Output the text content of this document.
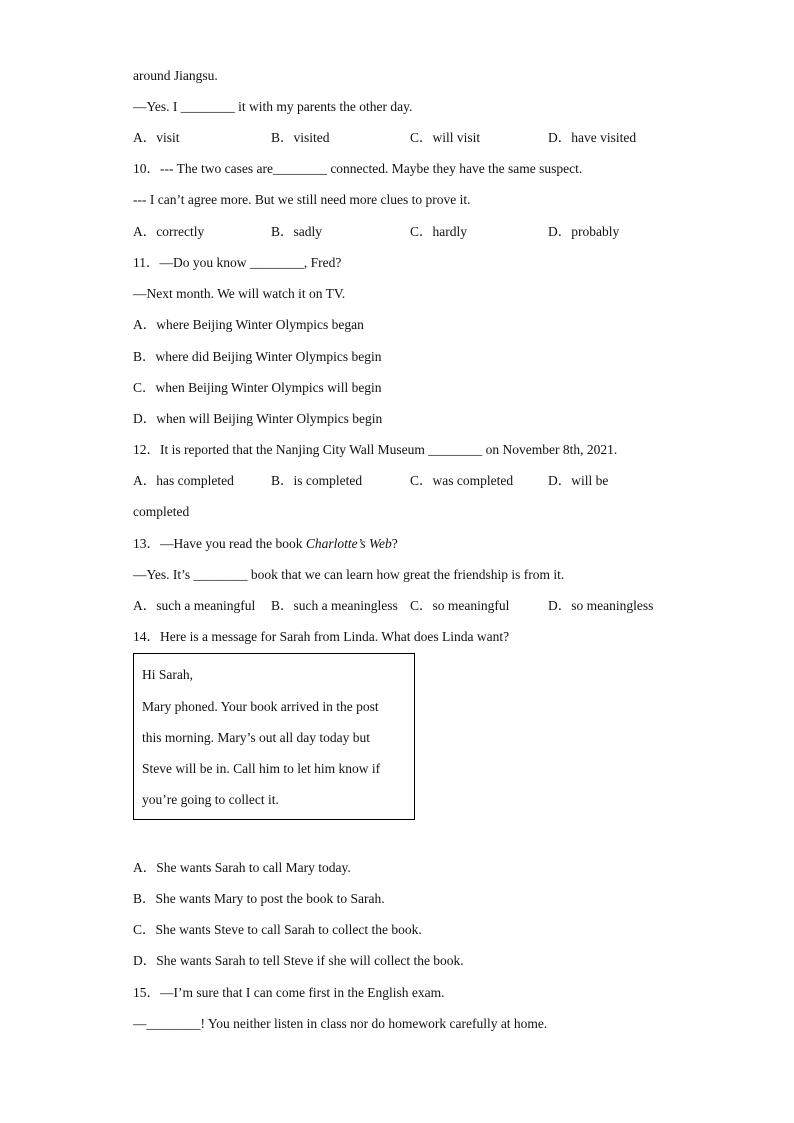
around Jiangsu.
—Yes. I ________ it with my parents the other day.
A．visit	B．visited	C．will visit	D．have visited
10．--- The two cases are________ connected. Maybe they have the same suspect.
--- I can’t agree more. But we still need more clues to prove it.
A．correctly	B．sadly	C．hardly	D．probably
11．—Do you know ________, Fred?
—Next month. We will watch it on TV.
A．where Beijing Winter Olympics began
B．where did Beijing Winter Olympics begin
C．when Beijing Winter Olympics will begin
D．when will Beijing Winter Olympics begin
12．It is reported that the Nanjing City Wall Museum ________ on November 8th, 2021.
A．has completed	B．is completed	C．was completed	D．will be
completed
13．—Have you read the book Charlotte’s Web?
—Yes. It’s ________ book that we can learn how great the friendship is from it.
A．such a meaningful B．such a meaningless C．so meaningful	D．so meaningless
14．Here is a message for Sarah from Linda. What does Linda want?
Hi Sarah,
Mary phoned. Your book arrived in the post
this morning. Mary’s out all day today but
Steve will be in. Call him to let him know if
you’re going to collect it.
A．She wants Sarah to call Mary today.
B．She wants Mary to post the book to Sarah.
C．She wants Steve to call Sarah to collect the book.
D．She wants Sarah to tell Steve if she will collect the book.
15．—I’m sure that I can come first in the English exam.
—________! You neither listen in class nor do homework carefully at home.
